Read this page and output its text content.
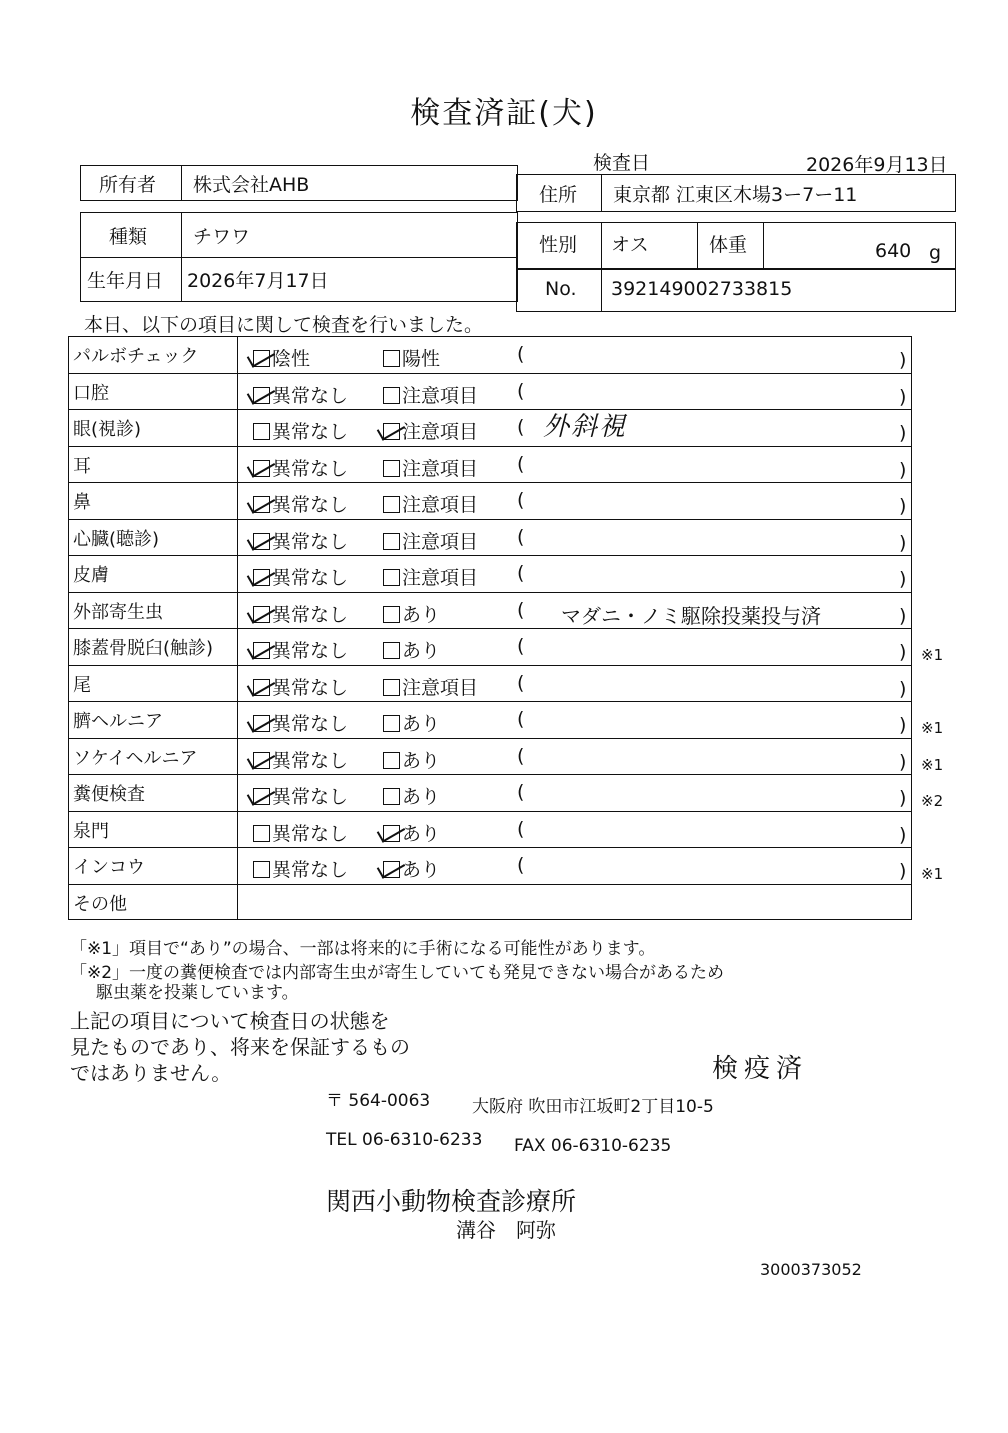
検査済証(犬)
検査日	2026年9月13日
所有者 株式会社AHB	住所 東京都 江東区木場3ー7ー11
種類 チワワ
生年月日 2026年7月17日
性別 オス	体重	640 g
No. 392149002733815
本日、以下の項目に関して検査を行いました。
パルボチェック	陰性	陽性	(	)
口腔	異常なし	注意項目 (	)
眼(視診)	異常なし	注意項目 ( 外斜視	)
耳	異常なし	注意項目 (	)
鼻	異常なし	注意項目 (	)
心臓(聴診)	異常なし	注意項目 (	)
皮膚	異常なし	注意項目 (	)
外部寄生虫	異常なし	あり	( マダニ・ノミ駆除投薬投与済	)
膝蓋骨脱臼(触診)	異常なし	あり	(	) ※1
尾	異常なし	注意項目 (	)
臍ヘルニア	異常なし	あり	(	) ※1
ソケイヘルニア	異常なし	あり	(	) ※1
糞便検査	異常なし	あり	(	) ※2
泉門	異常なし	あり	(	)
インコウ	異常なし	あり	(	) ※1
その他
「※1」項目で“あり”の場合、一部は将来的に手術になる可能性があります。
「※2」一度の糞便検査では内部寄生虫が寄生していても発見できない場合があるため
駆虫薬を投薬しています。
上記の項目について検査日の状態を
見たものであり、将来を保証するもの
ではありません。	検疫済
〒 564-0063 大阪府 吹田市江坂町2丁目10-5
TEL 06-6310-6233 FAX 06-6310-6235
関西小動物検査診療所
溝谷　阿弥
3000373052
